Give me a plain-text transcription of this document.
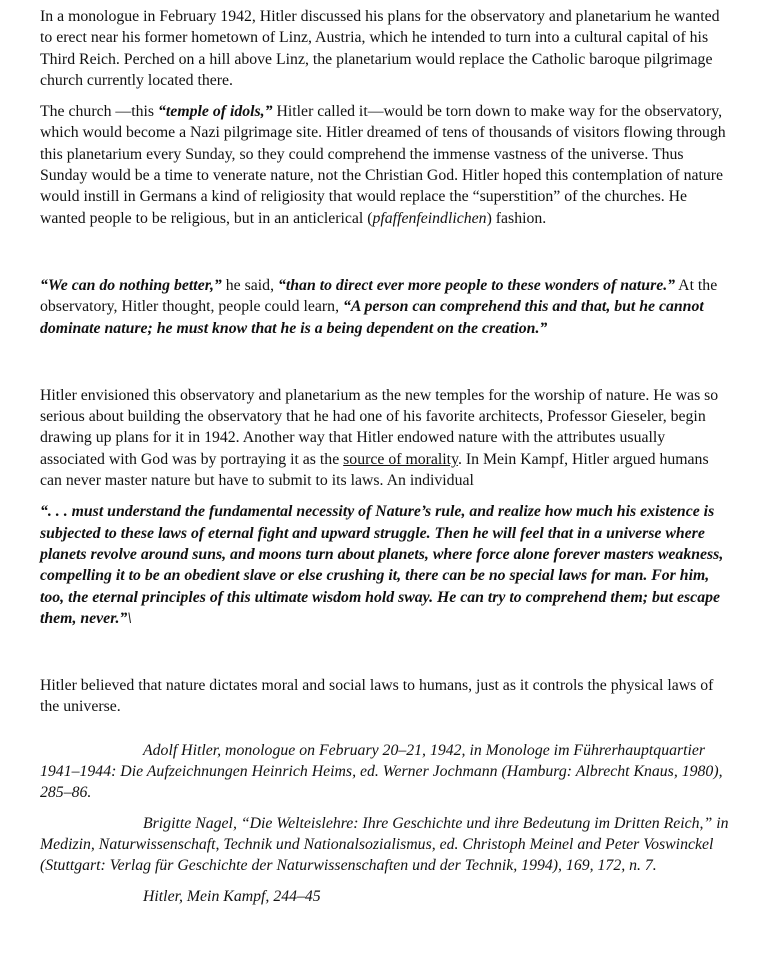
In a monologue in February 1942, Hitler discussed his plans for the observatory and planetarium he wanted to erect near his former hometown of Linz, Austria, which he intended to turn into a cultural capital of his Third Reich. Perched on a hill above Linz, the planetarium would replace the Catholic baroque pilgrimage church currently located there.

The church —this “temple of idols,” Hitler called it—would be torn down to make way for the observatory, which would become a Nazi pilgrimage site. Hitler dreamed of tens of thousands of visitors flowing through this planetarium every Sunday, so they could comprehend the immense vastness of the universe. Thus Sunday would be a time to venerate nature, not the Christian God. Hitler hoped this contemplation of nature would instill in Germans a kind of religiosity that would replace the “superstition” of the churches. He wanted people to be religious, but in an anticlerical (pfaffenfeindlichen) fashion.

“We can do nothing better,” he said, “than to direct ever more people to these wonders of nature.” At the observatory, Hitler thought, people could learn, “A person can comprehend this and that, but he cannot dominate nature; he must know that he is a being dependent on the creation.”

Hitler envisioned this observatory and planetarium as the new temples for the worship of nature. He was so serious about building the observatory that he had one of his favorite architects, Professor Gieseler, begin drawing up plans for it in 1942. Another way that Hitler endowed nature with the attributes usually associated with God was by portraying it as the source of morality. In Mein Kampf, Hitler argued humans can never master nature but have to submit to its laws. An individual

“. . . must understand the fundamental necessity of Nature’s rule, and realize how much his existence is subjected to these laws of eternal fight and upward struggle. Then he will feel that in a universe where planets revolve around suns, and moons turn about planets, where force alone forever masters weakness, compelling it to be an obedient slave or else crushing it, there can be no special laws for man. For him, too, the eternal principles of this ultimate wisdom hold sway. He can try to comprehend them; but escape them, never.”\

Hitler believed that nature dictates moral and social laws to humans, just as it controls the physical laws of the universe.

Adolf Hitler, monologue on February 20–21, 1942, in Monologe im Führerhauptquartier 1941–1944: Die Aufzeichnungen Heinrich Heims, ed. Werner Jochmann (Hamburg: Albrecht Knaus, 1980), 285–86.

Brigitte Nagel, “Die Welteislehre: Ihre Geschichte und ihre Bedeutung im Dritten Reich,” in Medizin, Naturwissenschaft, Technik und Nationalsozialismus, ed. Christoph Meinel and Peter Voswinckel (Stuttgart: Verlag für Geschichte der Naturwissenschaften und der Technik, 1994), 169, 172, n. 7.

Hitler, Mein Kampf, 244–45
